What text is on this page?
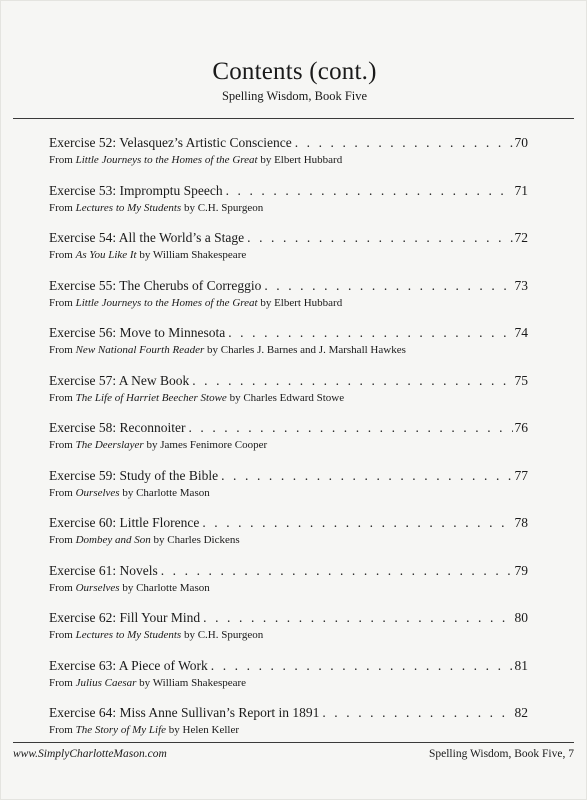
Contents (cont.)
Spelling Wisdom, Book Five
Exercise 52: Velasquez’s Artistic Conscience . . .	70
From Little Journeys to the Homes of the Great by Elbert Hubbard
Exercise 53: Impromptu Speech . . .	71
From Lectures to My Students by C.H. Spurgeon
Exercise 54: All the World’s a Stage . . .	72
From As You Like It by William Shakespeare
Exercise 55: The Cherubs of Correggio . . .	73
From Little Journeys to the Homes of the Great by Elbert Hubbard
Exercise 56: Move to Minnesota . . .	74
From New National Fourth Reader by Charles J. Barnes and J. Marshall Hawkes
Exercise 57: A New Book . . .	75
From The Life of Harriet Beecher Stowe by Charles Edward Stowe
Exercise 58: Reconnoiter . . .	76
From The Deerslayer by James Fenimore Cooper
Exercise 59: Study of the Bible . . .	77
From Ourselves by Charlotte Mason
Exercise 60: Little Florence . . .	78
From Dombey and Son by Charles Dickens
Exercise 61: Novels . . .	79
From Ourselves by Charlotte Mason
Exercise 62: Fill Your Mind . . .	80
From Lectures to My Students by C.H. Spurgeon
Exercise 63: A Piece of Work . . .	81
From Julius Caesar by William Shakespeare
Exercise 64: Miss Anne Sullivan’s Report in 1891 . . .	82
From The Story of My Life by Helen Keller
www.SimplyCharlotteMason.com	Spelling Wisdom, Book Five, 7
